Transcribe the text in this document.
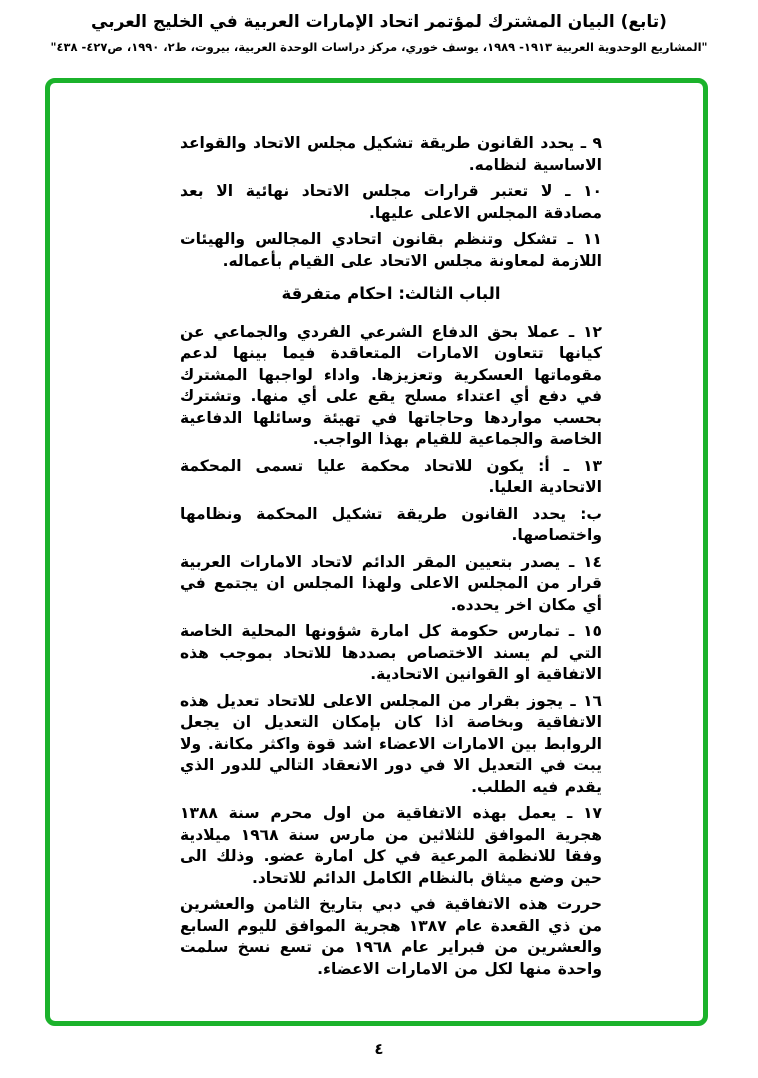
(تابع) البيان المشترك لمؤتمر اتحاد الإمارات العربية في الخليج العربي
"المشاريع الوحدوية العربية ١٩١٣- ١٩٨٩، يوسف خوري، مركز دراسات الوحدة العربية، بيروت، ط٢، ١٩٩٠، ص٤٢٧- ٤٣٨"
٩ ـ يحدد القانون طريقة تشكيل مجلس الاتحاد والقواعد الاساسية لنظامه.
١٠ ـ لا تعتبر قرارات مجلس الاتحاد نهائية الا بعد مصادقة المجلس الاعلى عليها.
١١ ـ تشكل وتنظم بقانون اتحادي المجالس والهيئات اللازمة لمعاونة مجلس الاتحاد على القيام بأعماله.
الباب الثالث: احكام متفرقة
١٢ ـ عملا بحق الدفاع الشرعي الفردي والجماعي عن كيانها تتعاون الامارات المتعاقدة فيما بينها لدعم مقوماتها العسكرية وتعزيزها. واداء لواجبها المشترك في دفع أي اعتداء مسلح يقع على أي منها. وتشترك بحسب مواردها وحاجاتها في تهيئة وسائلها الدفاعية الخاصة والجماعية للقيام بهذا الواجب.
١٣ ـ أ: يكون للاتحاد محكمة عليا تسمى المحكمة الاتحادية العليا.
ب: يحدد القانون طريقة تشكيل المحكمة ونظامها واختصاصها.
١٤ ـ يصدر بتعيين المقر الدائم لاتحاد الامارات العربية قرار من المجلس الاعلى ولهذا المجلس ان يجتمع في أي مكان اخر يحدده.
١٥ ـ تمارس حكومة كل امارة شؤونها المحلية الخاصة التي لم يسند الاختصاص بصددها للاتحاد بموجب هذه الاتفاقية او القوانين الاتحادية.
١٦ ـ يجوز بقرار من المجلس الاعلى للاتحاد تعديل هذه الاتفاقية وبخاصة اذا كان بإمكان التعديل ان يجعل الروابط بين الامارات الاعضاء اشد قوة واكثر مكانة. ولا يبت في التعديل الا في دور الانعقاد التالي للدور الذي يقدم فيه الطلب.
١٧ ـ يعمل بهذه الاتفاقية من اول محرم سنة ١٣٨٨ هجرية الموافق للثلاثين من مارس سنة ١٩٦٨ ميلادية وفقا للانظمة المرعية في كل امارة عضو. وذلك الى حين وضع ميثاق بالنظام الكامل الدائم للاتحاد.
حررت هذه الاتفاقية في دبي بتاريخ الثامن والعشرين من ذي القعدة عام ١٣٨٧ هجرية الموافق لليوم السابع والعشرين من فبراير عام ١٩٦٨ من تسع نسخ سلمت واحدة منها لكل من الامارات الاعضاء.
٤
